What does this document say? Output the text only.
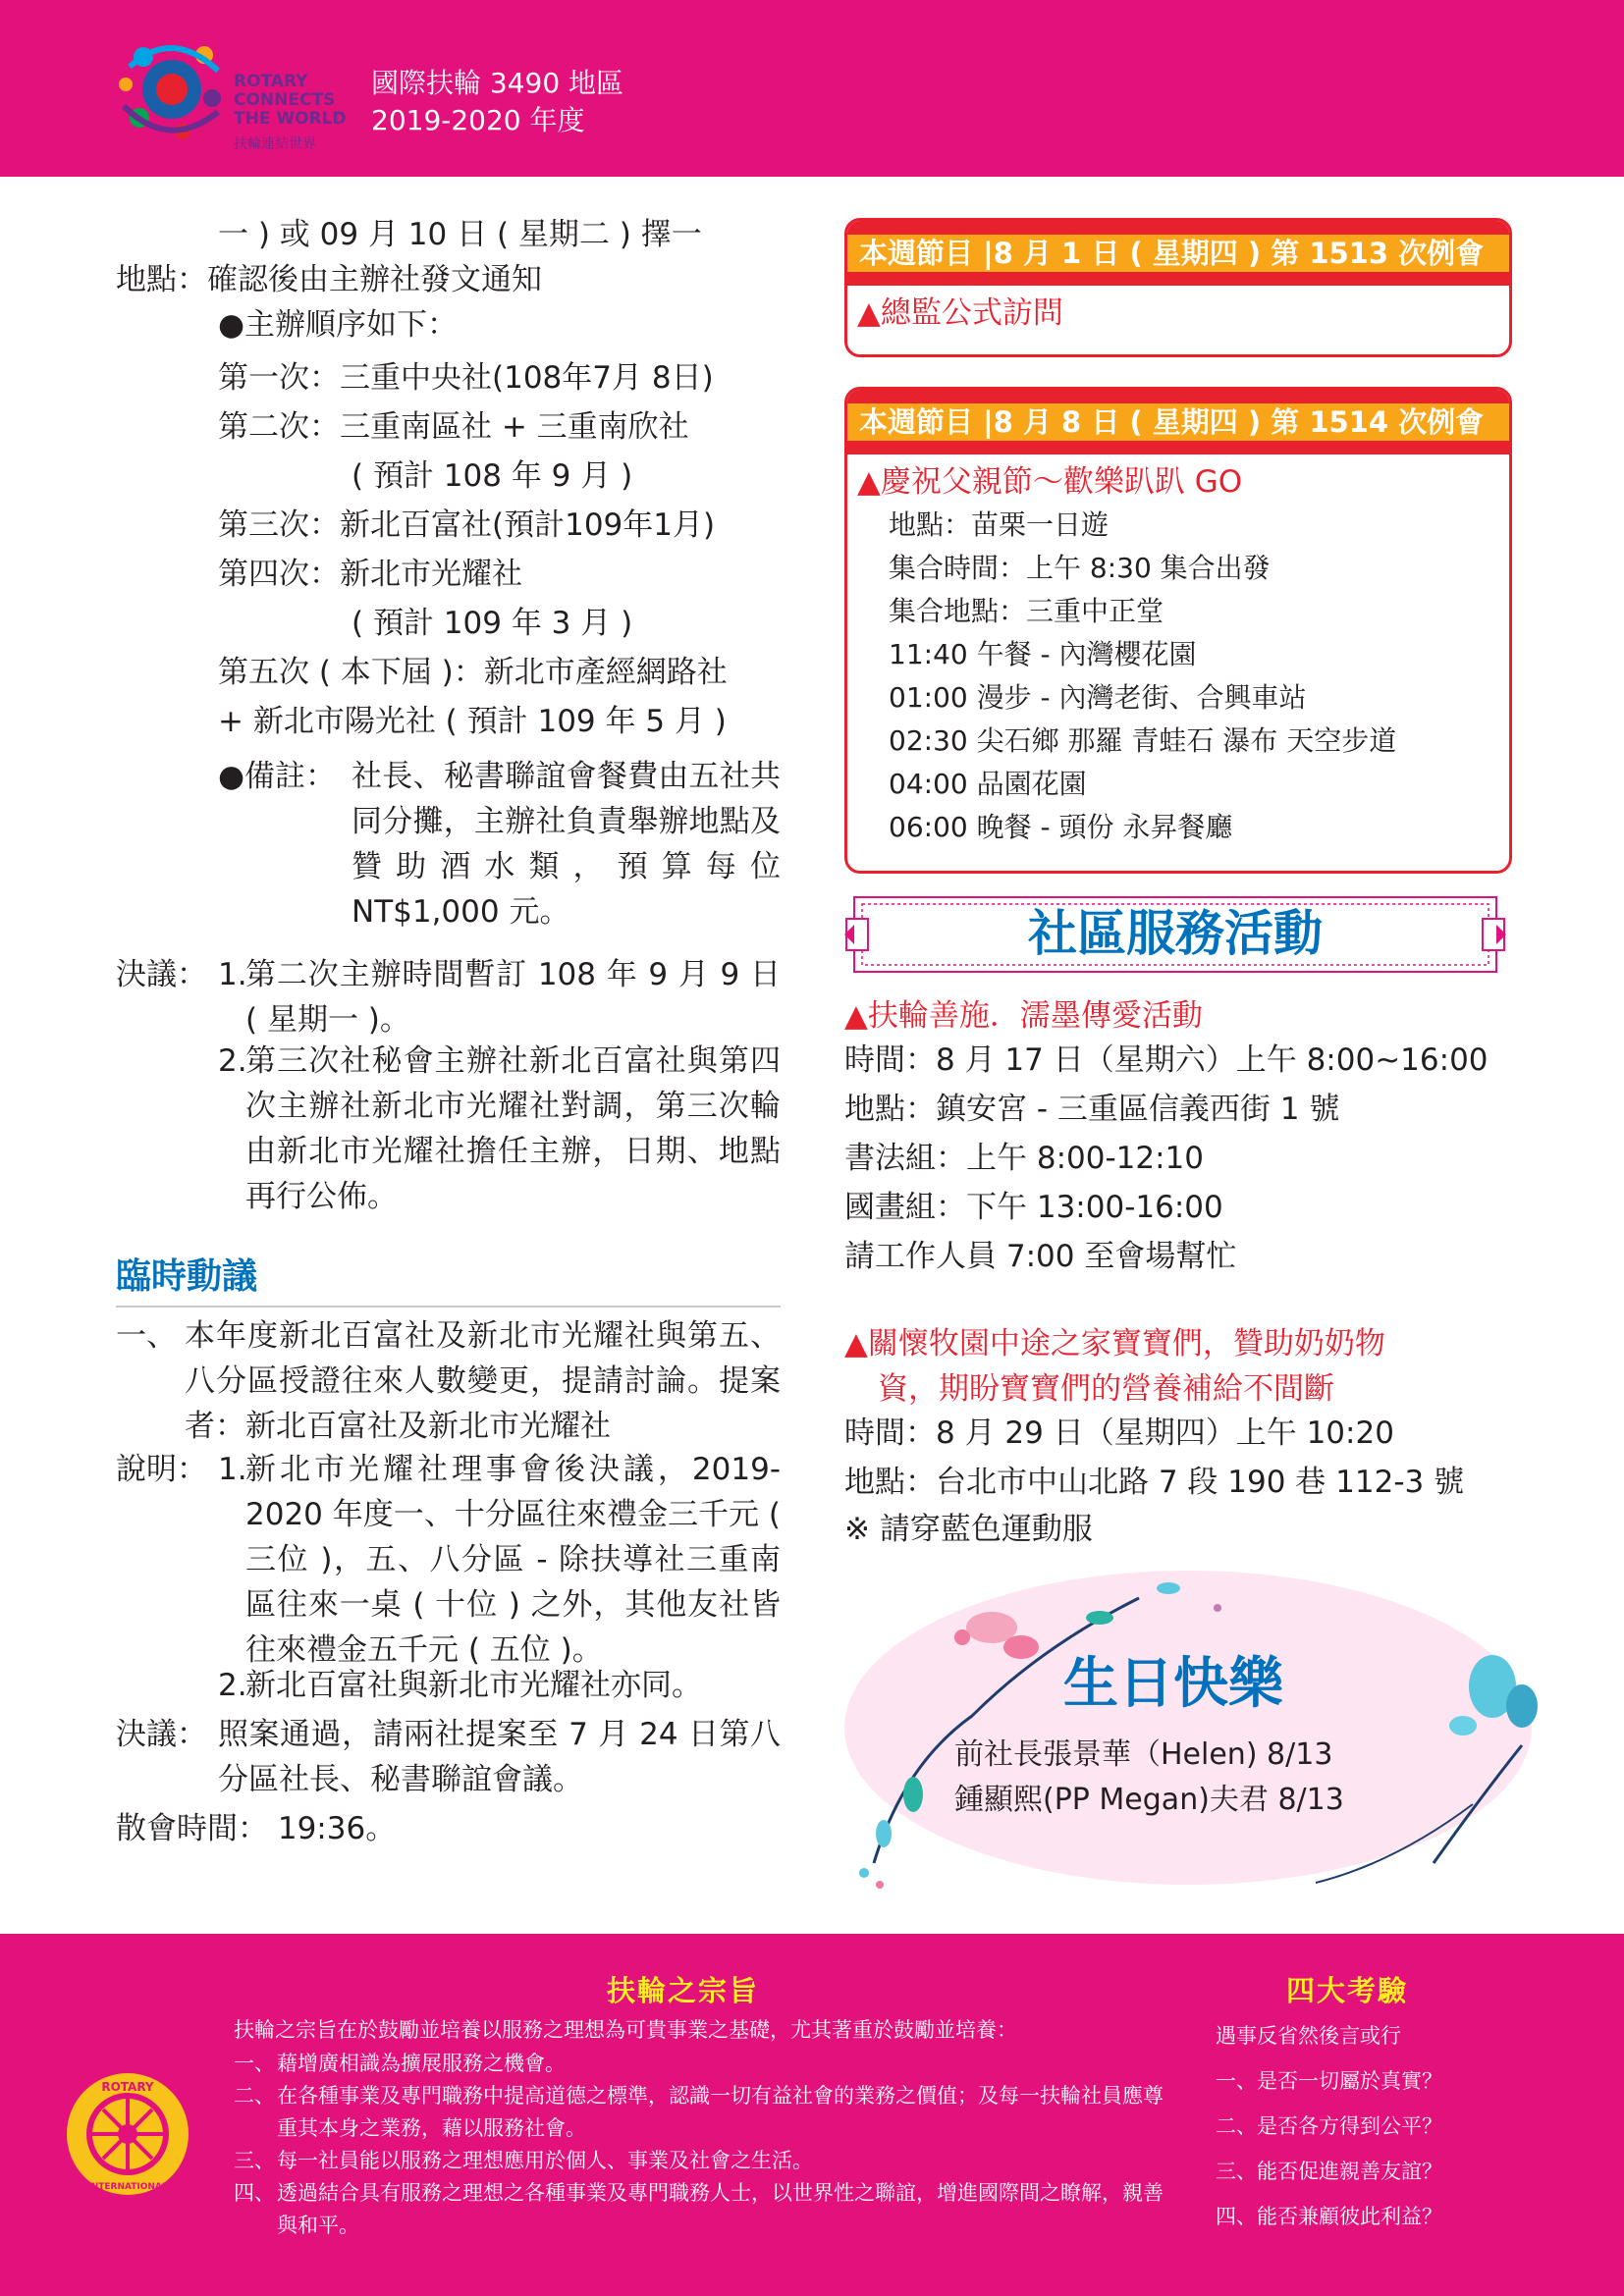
ROTARY
CONNECTS
THE WORLD
扶輪連結世界
國際扶輪 3490 地區
2019-2020 年度
一 ) 或 09 月 10 日 ( 星期二 ) 擇一
地點：確認後由主辦社發文通知
●主辦順序如下：
第一次：三重中央社(108年7月 8日)
第二次：三重南區社 + 三重南欣社
( 預計 108 年 9 月 )
第三次：新北百富社(預計109年1月)
第四次：新北市光耀社
( 預計 109 年 3 月 )
第五次 ( 本下屆 )：新北市產經網路社
+ 新北市陽光社 ( 預計 109 年 5 月 )
●備註： 社長、秘書聯誼會餐費由五社共同分攤，主辦社負責舉辦地點及贊助酒水類，預算每位 NT$1,000 元。
決議： 1.
第二次主辦時間暫訂 108 年 9 月 9 日 ( 星期一 )。
2.
第三次社秘會主辦社新北百富社與第四次主辦社新北市光耀社對調，第三次輪由新北市光耀社擔任主辦，日期、地點再行公佈。
臨時動議
一、 本年度新北百富社及新北市光耀社與第五、八分區授證往來人數變更，提請討論。提案者：新北百富社及新北市光耀社
說明： 1.
新北市光耀社理事會後決議，2019-2020 年度一、十分區往來禮金三千元 ( 三位 )，五、八分區 - 除扶導社三重南區往來一桌 ( 十位 ) 之外，其他友社皆往來禮金五千元 ( 五位 )。
2.
新北百富社與新北市光耀社亦同。
決議： 照案通過，請兩社提案至 7 月 24 日第八分區社長、秘書聯誼會議。
散會時間： 19:36。
本週節目 |8 月 1 日 ( 星期四 ) 第 1513 次例會
▲總監公式訪問
本週節目 |8 月 8 日 ( 星期四 ) 第 1514 次例會
▲慶祝父親節～歡樂趴趴 GO
地點：苗栗一日遊
集合時間：上午 8:30 集合出發
集合地點：三重中正堂
11:40 午餐 - 內灣櫻花園
01:00 漫步 - 內灣老街、合興車站
02:30 尖石鄉 那羅 青蛙石 瀑布 天空步道
04:00 品園花園
06:00 晚餐 - 頭份 永昇餐廳
社區服務活動
▲扶輪善施．濡墨傳愛活動
時間：8 月 17 日（星期六）上午 8:00~16:00
地點：鎮安宮 - 三重區信義西街 1 號
書法組：上午 8:00-12:10
國畫組：下午 13:00-16:00
請工作人員 7:00 至會場幫忙
▲關懷牧園中途之家寶寶們，贊助奶奶物
資，期盼寶寶們的營養補給不間斷
時間：8 月 29 日（星期四）上午 10:20
地點：台北市中山北路 7 段 190 巷 112-3 號
※ 請穿藍色運動服
生日快樂
前社長張景華（Helen) 8/13
鍾顯熙(PP Megan)夫君 8/13
ROTARY
INTERNATIONAL
扶輪之宗旨
扶輪之宗旨在於鼓勵並培養以服務之理想為可貴事業之基礎，尤其著重於鼓勵並培養：
一、 藉增廣相識為擴展服務之機會。
二、 在各種事業及專門職務中提高道德之標準，認識一切有益社會的業務之價值；及每一扶輪社員應尊重其本身之業務，藉以服務社會。
三、 每一社員能以服務之理想應用於個人、事業及社會之生活。
四、 透過結合具有服務之理想之各種事業及專門職務人士，以世界性之聯誼，增進國際間之瞭解，親善與和平。
四大考驗
遇事反省然後言或行
一、是否一切屬於真實？
二、是否各方得到公平？
三、能否促進親善友誼？
四、能否兼顧彼此利益？
